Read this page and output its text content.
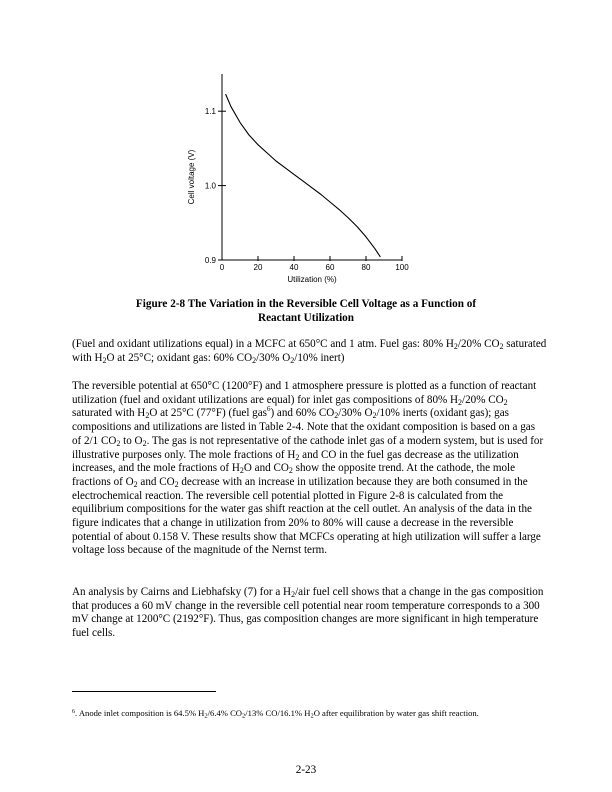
0.9
1.0
1.1
0	20	40	60	80	100
Utilization (%)
Cell voltage (V)
Figure 2-8 The Variation in the Reversible Cell Voltage as a Function of
Reactant Utilization

(Fuel and oxidant utilizations equal) in a MCFC at 650°C and 1 atm. Fuel gas: 80% $H_2/20\%$ $CO_2$ saturated with $H_2O$ at 25°C; oxidant gas: 60% $CO_2/30\%$ $O_2/10\%$ inert)

The reversible potential at 650°C (1200°F) and 1 atmosphere pressure is plotted as a function of reactant utilization (fuel and oxidant utilizations are equal) for inlet gas compositions of 80% $H_2/20\%$ $CO_2$ saturated with $H_2O$ at 25°C (77°F) (fuel gas$^6$) and 60% $CO_2/30\%$ $O_2/10\%$ inerts (oxidant gas); gas compositions and utilizations are listed in Table 2-4. Note that the oxidant composition is based on a gas of 2/1 $CO_2$ to $O_2$. The gas is not representative of the cathode inlet gas of a modern system, but is used for illustrative purposes only. The mole fractions of $H_2$ and CO in the fuel gas decrease as the utilization increases, and the mole fractions of $H_2O$ and $CO_2$ show the opposite trend. At the cathode, the mole fractions of $O_2$ and $CO_2$ decrease with an increase in utilization because they are both consumed in the electrochemical reaction. The reversible cell potential plotted in Figure 2-8 is calculated from the equilibrium compositions for the water gas shift reaction at the cell outlet. An analysis of the data in the figure indicates that a change in utilization from 20% to 80% will cause a decrease in the reversible potential of about 0.158 V. These results show that MCFCs operating at high utilization will suffer a large voltage loss because of the magnitude of the Nernst term.

An analysis by Cairns and Liebhafsky (7) for a $H_2$/air fuel cell shows that a change in the gas composition that produces a 60 mV change in the reversible cell potential near room temperature corresponds to a 300 mV change at 1200°C (2192°F). Thus, gas composition changes are more significant in high temperature fuel cells.

$^6$. Anode inlet composition is 64.5% $H_2/6.4\%$ $CO_2/13\%$ CO/16.1% $H_2O$ after equilibration by water gas shift reaction.
2-23
